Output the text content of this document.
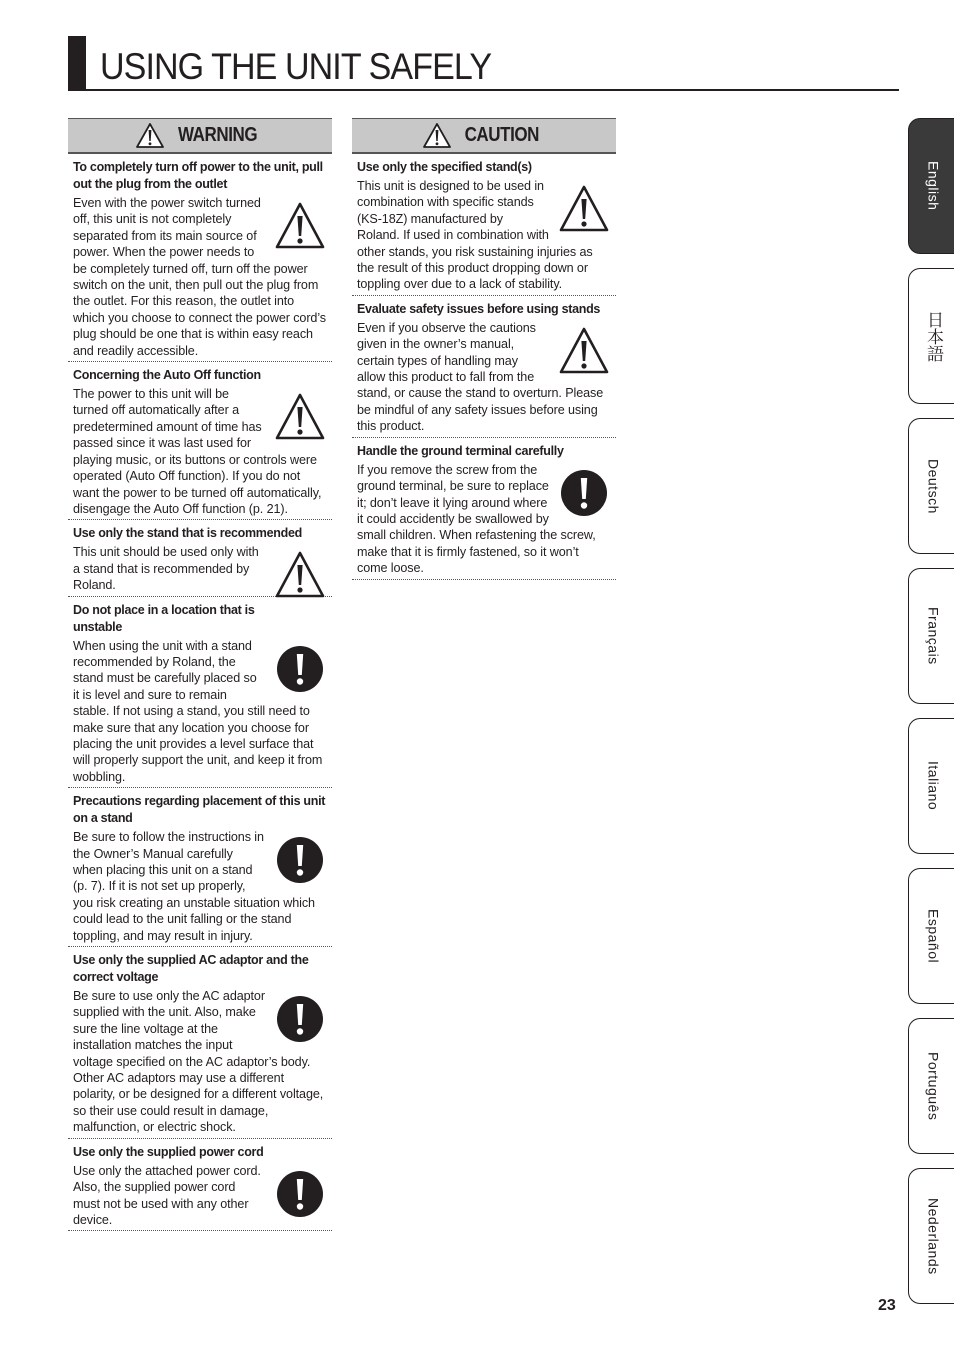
USING THE UNIT SAFELY
WARNING
To completely turn off power to the unit, pull out the plug from the outlet
Even with the power switch turned off, this unit is not completely separated from its main source of power. When the power needs to be completely turned off, turn off the power switch on the unit, then pull out the plug from the outlet. For this reason, the outlet into which you choose to connect the power cord’s plug should be one that is within easy reach and readily accessible.
Concerning the Auto Off function
The power to this unit will be turned off automatically after a predetermined amount of time has passed since it was last used for playing music, or its buttons or controls were operated (Auto Off function). If you do not want the power to be turned off automatically, disengage the Auto Off function (p. 21).
Use only the stand that is recommended
This unit should be used only with a stand that is recommended by Roland.
Do not place in a location that is unstable
When using the unit with a stand recommended by Roland, the stand must be carefully placed so it is level and sure to remain stable. If not using a stand, you still need to make sure that any location you choose for placing the unit provides a level surface that will properly support the unit, and keep it from wobbling.
Precautions regarding placement of this unit on a stand
Be sure to follow the instructions in the Owner’s Manual carefully when placing this unit on a stand (p. 7). If it is not set up properly, you risk creating an unstable situation which could lead to the unit falling or the stand toppling, and may result in injury.
Use only the supplied AC adaptor and the correct voltage
Be sure to use only the AC adaptor supplied with the unit. Also, make sure the line voltage at the installation matches the input voltage specified on the AC adaptor’s body. Other AC adaptors may use a different polarity, or be designed for a different voltage, so their use could result in damage, malfunction, or electric shock.
Use only the supplied power cord
Use only the attached power cord. Also, the supplied power cord must not be used with any other device.
CAUTION
Use only the specified stand(s)
This unit is designed to be used in combination with specific stands (KS-18Z) manufactured by Roland. If used in combination with other stands, you risk sustaining injuries as the result of this product dropping down or toppling over due to a lack of stability.
Evaluate safety issues before using stands
Even if you observe the cautions given in the owner’s manual, certain types of handling may allow this product to fall from the stand, or cause the stand to overturn. Please be mindful of any safety issues before using this product.
Handle the ground terminal carefully
If you remove the screw from the ground terminal, be sure to replace it; don’t leave it lying around where it could accidently be swallowed by small children. When refastening the screw, make that it is firmly fastened, so it won’t come loose.
English
日本語
Deutsch
Français
Italiano
Español
Português
Nederlands
23
